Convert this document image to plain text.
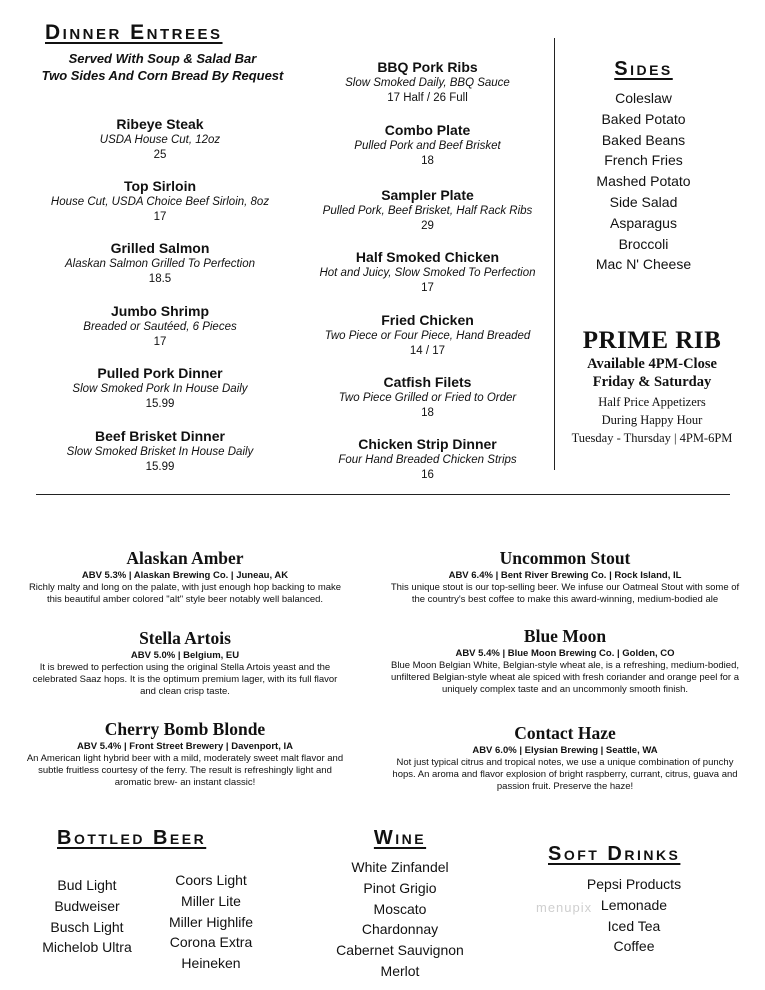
Dinner Entrees
Served With Soup & Salad Bar
Two Sides And Corn Bread By Request
Ribeye Steak
USDA House Cut, 12oz
25
Top Sirloin
House Cut, USDA Choice Beef Sirloin, 8oz
17
Grilled Salmon
Alaskan Salmon Grilled To Perfection
18.5
Jumbo Shrimp
Breaded or Sautéed, 6 Pieces
17
Pulled Pork Dinner
Slow Smoked Pork In House Daily
15.99
Beef Brisket Dinner
Slow Smoked Brisket In House Daily
15.99
BBQ Pork Ribs
Slow Smoked Daily, BBQ Sauce
17 Half / 26 Full
Combo Plate
Pulled Pork and Beef Brisket
18
Sampler Plate
Pulled Pork, Beef Brisket, Half Rack Ribs
29
Half Smoked Chicken
Hot and Juicy, Slow Smoked To Perfection
17
Fried Chicken
Two Piece or Four Piece, Hand Breaded
14 / 17
Catfish Filets
Two Piece Grilled or Fried to Order
18
Chicken Strip Dinner
Four Hand Breaded Chicken Strips
16
Sides
Coleslaw
Baked Potato
Baked Beans
French Fries
Mashed Potato
Side Salad
Asparagus
Broccoli
Mac N' Cheese
PRIME RIB
Available 4PM-Close
Friday & Saturday
Half Price Appetizers
During Happy Hour
Tuesday - Thursday | 4PM-6PM
Alaskan Amber
ABV 5.3% | Alaskan Brewing Co. | Juneau, AK
Richly malty and long on the palate, with just enough hop backing to make
this beautiful amber colored "alt" style beer notably well balanced.
Stella Artois
ABV 5.0% | Belgium, EU
It is brewed to perfection using the original Stella Artois yeast and the
celebrated Saaz hops. It is the optimum premium lager, with its full flavor
and clean crisp taste.
Cherry Bomb Blonde
ABV 5.4% | Front Street Brewery | Davenport, IA
An American light hybrid beer with a mild, moderately sweet malt flavor and
subtle fruitless courtesy of the ferry. The result is refreshingly light and
aromatic brew- an instant classic!
Uncommon Stout
ABV 6.4% | Bent River Brewing Co. | Rock Island, IL
This unique stout is our top-selling beer. We infuse our Oatmeal Stout with some of
the country's best coffee to make this award-winning, medium-bodied ale
Blue Moon
ABV 5.4% | Blue Moon Brewing Co. | Golden, CO
Blue Moon Belgian White, Belgian-style wheat ale, is a refreshing, medium-bodied,
unfiltered Belgian-style wheat ale spiced with fresh coriander and orange peel for a
uniquely complex taste and an uncommonly smooth finish.
Contact Haze
ABV 6.0% | Elysian Brewing | Seattle, WA
Not just typical citrus and tropical notes, we use a unique combination of punchy
hops. An aroma and flavor explosion of bright raspberry, currant, citrus, guava and
passion fruit. Preserve the haze!
Bottled Beer
Bud Light
Budweiser
Busch Light
Michelob Ultra
Coors Light
Miller Lite
Miller Highlife
Corona Extra
Heineken
Wine
White Zinfandel
Pinot Grigio
Moscato
Chardonnay
Cabernet Sauvignon
Merlot
Soft Drinks
menupix
Pepsi Products
Lemonade
Iced Tea
Coffee
